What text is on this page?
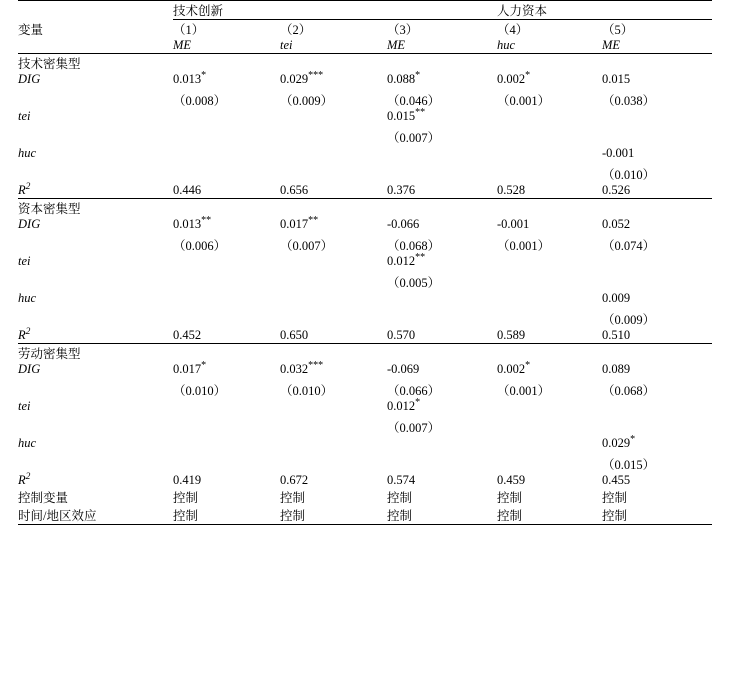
	技术创新			人力资本	

变量	（1）	（2）	（3）	（4）	（5）
	ME	tei	ME	huc	ME
技术密集型					
DIG	0.013*	0.029***	0.088*	0.002*	0.015
	（0.008）	（0.009）	（0.046）	（0.001）	（0.038）
tei			0.015**		
			（0.007）		
huc					-0.001
					（0.010）
$R^2$	0.446	0.656	0.376	0.528	0.526
资本密集型					
DIG	0.013**	0.017**	-0.066	-0.001	0.052
	（0.006）	（0.007）	（0.068）	（0.001）	（0.074）
tei			0.012**		
			（0.005）		
huc					0.009
					（0.009）
$R^2$	0.452	0.650	0.570	0.589	0.510
劳动密集型					
DIG	0.017*	0.032***	-0.069	0.002*	0.089
	（0.010）	（0.010）	（0.066）	（0.001）	（0.068）
tei			0.012*		
			（0.007）		
huc					0.029*
					（0.015）
$R^2$	0.419	0.672	0.574	0.459	0.455
控制变量	控制	控制	控制	控制	控制
时间/地区效应	控制	控制	控制	控制	控制
